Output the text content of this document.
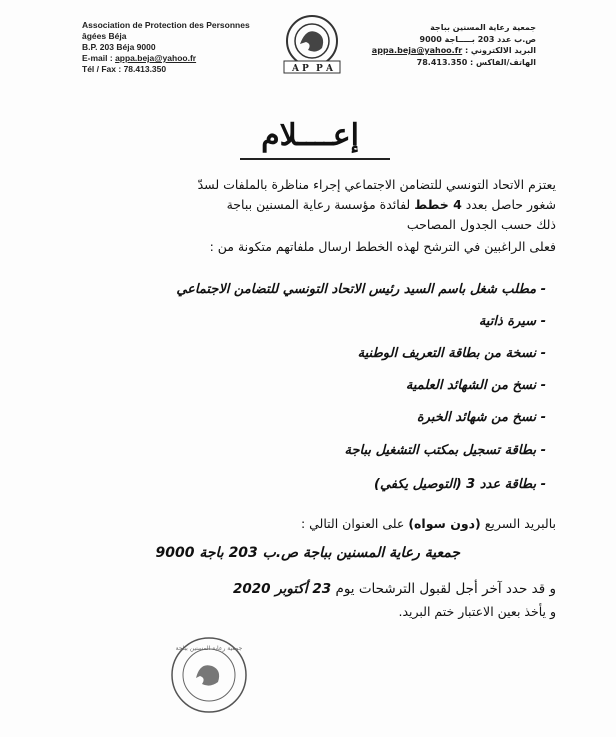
Association de Protection des Personnes
âgées Béja
B.P. 203 Béja 9000
E-mail : appa.beja@yahoo.fr
Tél / Fax : 78.413.350	A P P A
جمعية رعاية المسنين بباجة
ص.ب عدد 203 بـــــاجة 9000
البريد الالكتروني : appa.beja@yahoo.fr
الهاتف/الفاكس : 78.413.350
إعــــلام
يعتزم الاتحاد التونسي للتضامن الاجتماعي إجراء مناظرة بالملفات لسدّ
شغور حاصل بعدد 4 خطط لفائدة مؤسسة رعاية المسنين بباجة
ذلك حسب الجدول المصاحب
فعلى الراغبين في الترشح لهذه الخطط ارسال ملفاتهم متكونة من :
- مطلب شغل باسم السيد رئيس الاتحاد التونسي للتضامن الاجتماعي
- سيرة ذاتية
- نسخة من بطاقة التعريف الوطنية
- نسخ من الشهائد العلمية
- نسخ من شهائد الخبرة
- بطاقة تسجيل بمكتب التشغيل بباجة
- بطاقة عدد 3 (التوصيل يكفي)
بالبريد السريع (دون سواه) على العنوان التالي :
جمعية رعاية المسنين بباجة ص.ب 203 باجة 9000
و قد حدد آخر أجل لقبول الترشحات يوم 23 أكتوبر 2020
و يأخذ بعين الاعتبار ختم البريد.
جمعية رعاية المسنين بباجة
